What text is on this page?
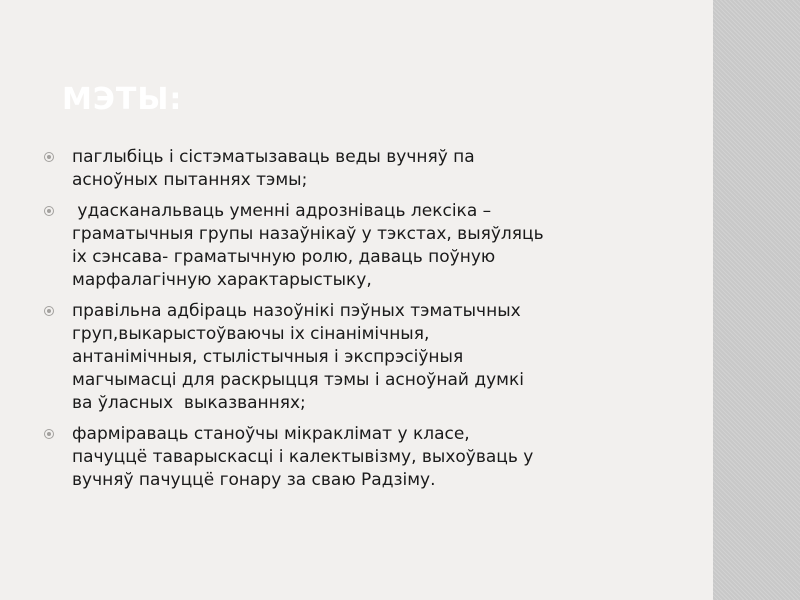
МЭТЫ:
паглыбіць і сістэматызаваць веды вучняў па
асноўных пытаннях тэмы;
удасканальваць уменні адрозніваць лексіка –
граматычныя групы назаўнікаў у тэкстах, выяўляць
іх сэнсава- граматычную ролю, даваць поўную
марфалагічную характарыстыку,
правільна адбіраць назоўнікі пэўных тэматычных
груп,выкарыстоўваючы іх сінанімічныя,
антанімічныя, стылістычныя і экспрэсіўныя
магчымасці для раскрыцця тэмы і асноўнай думкі
ва ўласных  выказваннях;
фарміраваць станоўчы мікраклімат у класе,
пачуццё таварыскасці і калектывізму, выхоўваць у
вучняў пачуццё гонару за сваю Радзіму.
